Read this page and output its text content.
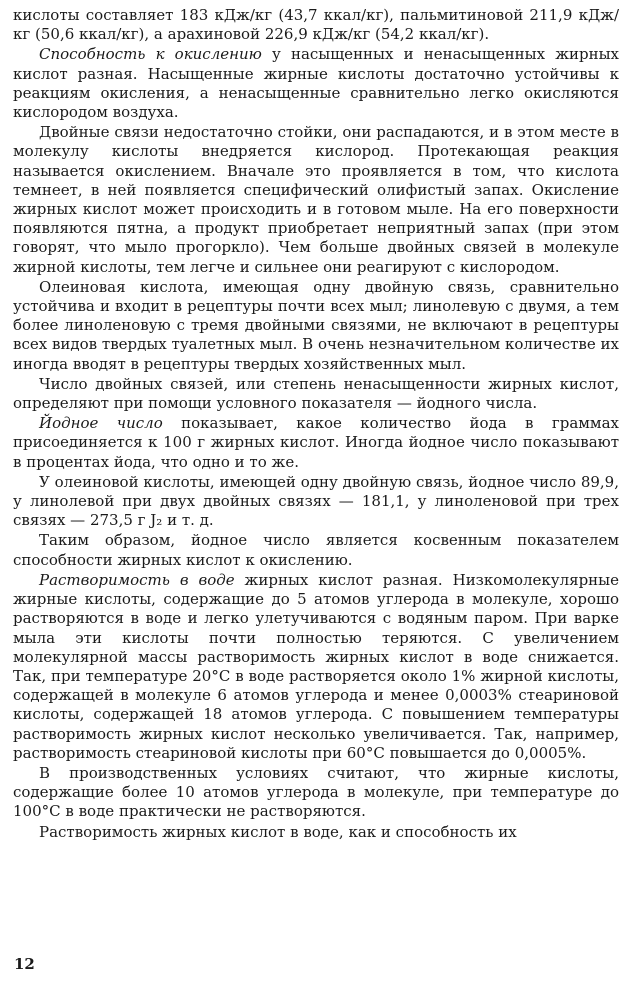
кислоты составляет 183 кДж/кг (43,7 ккал/кг), пальмитиновой 211,9 кДж/кг (50,6 ккал/кг), а арахиновой 226,9 кДж/кг (54,2 ккал/кг).

Способность к окислению у насыщенных и ненасыщенных жирных кислот разная. Насыщенные жирные кислоты достаточно устойчивы к реакциям окисления, а ненасыщенные сравнительно легко окисляются кислородом воздуха.

Двойные связи недостаточно стойки, они распадаются, и в этом месте в молекулу кислоты внедряется кислород. Протекающая реакция называется окислением. Вначале это проявляется в том, что кислота темнеет, в ней появляется специфический олифистый запах. Окисление жирных кислот может происходить и в готовом мыле. На его поверхности появляются пятна, а продукт приобретает неприятный запах (при этом говорят, что мыло прогоркло). Чем больше двойных связей в молекуле жирной кислоты, тем легче и сильнее они реагируют с кислородом.

Олеиновая кислота, имеющая одну двойную связь, сравнительно устойчива и входит в рецептуры почти всех мыл; линолевую с двумя, а тем более линоленовую с тремя двойными связями, не включают в рецептуры всех видов твердых туалетных мыл. В очень незначительном количестве их иногда вводят в рецептуры твердых хозяйственных мыл.

Число двойных связей, или степень ненасыщенности жирных кислот, определяют при помощи условного показателя — йодного числа.

Йодное число показывает, какое количество йода в граммах присоединяется к 100 г жирных кислот. Иногда йодное число показывают в процентах йода, что одно и то же.

У олеиновой кислоты, имеющей одну двойную связь, йодное число 89,9, у линолевой при двух двойных связях — 181,1, у линоленовой при трех связях — 273,5 г J₂ и т. д.

Таким образом, йодное число является косвенным показателем способности жирных кислот к окислению.

Растворимость в воде жирных кислот разная. Низкомолекулярные жирные кислоты, содержащие до 5 атомов углерода в молекуле, хорошо растворяются в воде и легко улетучиваются с водяным паром. При варке мыла эти кислоты почти полностью теряются. С увеличением молекулярной массы растворимость жирных кислот в воде снижается. Так, при температуре 20°С в воде растворяется около 1% жирной кислоты, содержащей в молекуле 6 атомов углерода и менее 0,0003% стеариновой кислоты, содержащей 18 атомов углерода. С повышением температуры растворимость жирных кислот несколько увеличивается. Так, например, растворимость стеариновой кислоты при 60°С повышается до 0,0005%.

В производственных условиях считают, что жирные кислоты, содержащие более 10 атомов углерода в молекуле, при температуре до 100°С в воде практически не растворяются.

Растворимость жирных кислот в воде, как и способность их

12
